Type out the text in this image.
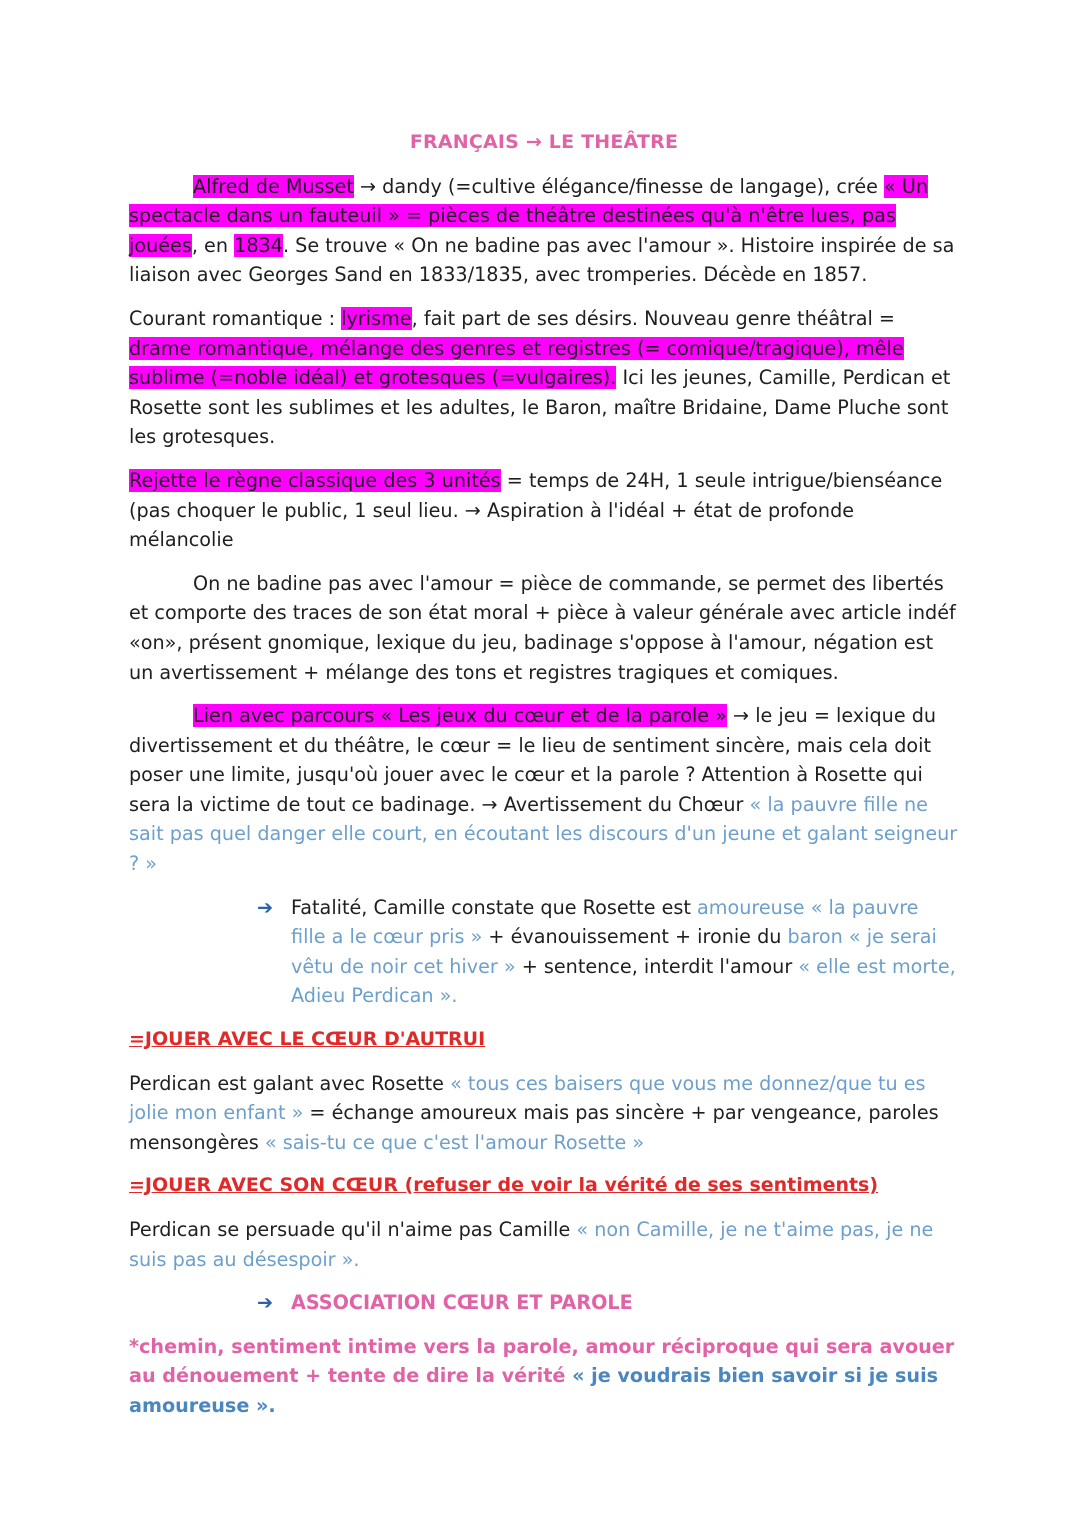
FRANÇAIS → LE THEÂTRE

Alfred de Musset → dandy (=cultive élégance/finesse de langage), crée « Un spectacle dans un fauteuil » = pièces de théâtre destinées qu'à n'être lues, pas jouées, en 1834. Se trouve « On ne badine pas avec l'amour ». Histoire inspirée de sa liaison avec Georges Sand en 1833/1835, avec tromperies. Décède en 1857.

Courant romantique : lyrisme, fait part de ses désirs. Nouveau genre théâtral = drame romantique, mélange des genres et registres (= comique/tragique), mêle sublime (=noble idéal) et grotesques (=vulgaires). Ici les jeunes, Camille, Perdican et Rosette sont les sublimes et les adultes, le Baron, maître Bridaine, Dame Pluche sont les grotesques.

Rejette le règne classique des 3 unités = temps de 24H, 1 seule intrigue/bienséance (pas choquer le public, 1 seul lieu. → Aspiration à l'idéal + état de profonde mélancolie

On ne badine pas avec l'amour = pièce de commande, se permet des libertés et comporte des traces de son état moral + pièce à valeur générale avec article indéf «on», présent gnomique, lexique du jeu, badinage s'oppose à l'amour, négation est un avertissement + mélange des tons et registres tragiques et comiques.

Lien avec parcours « Les jeux du cœur et de la parole » → le jeu = lexique du divertissement et du théâtre, le cœur = le lieu de sentiment sincère, mais cela doit poser une limite, jusqu'où jouer avec le cœur et la parole ? Attention à Rosette qui sera la victime de tout ce badinage. → Avertissement du Chœur « la pauvre fille ne sait pas quel danger elle court, en écoutant les discours d'un jeune et galant seigneur ? »

➔ Fatalité, Camille constate que Rosette est amoureuse « la pauvre fille a le cœur pris » + évanouissement + ironie du baron « je serai vêtu de noir cet hiver » + sentence, interdit l'amour « elle est morte, Adieu Perdican ».

=JOUER AVEC LE CŒUR D'AUTRUI

Perdican est galant avec Rosette « tous ces baisers que vous me donnez/que tu es jolie mon enfant » = échange amoureux mais pas sincère + par vengeance, paroles mensongères « sais-tu ce que c'est l'amour Rosette »

=JOUER AVEC SON CŒUR (refuser de voir la vérité de ses sentiments)

Perdican se persuade qu'il n'aime pas Camille « non Camille, je ne t'aime pas, je ne suis pas au désespoir ».

➔ ASSOCIATION CŒUR ET PAROLE

*chemin, sentiment intime vers la parole, amour réciproque qui sera avouer au dénouement + tente de dire la vérité « je voudrais bien savoir si je suis amoureuse ».
